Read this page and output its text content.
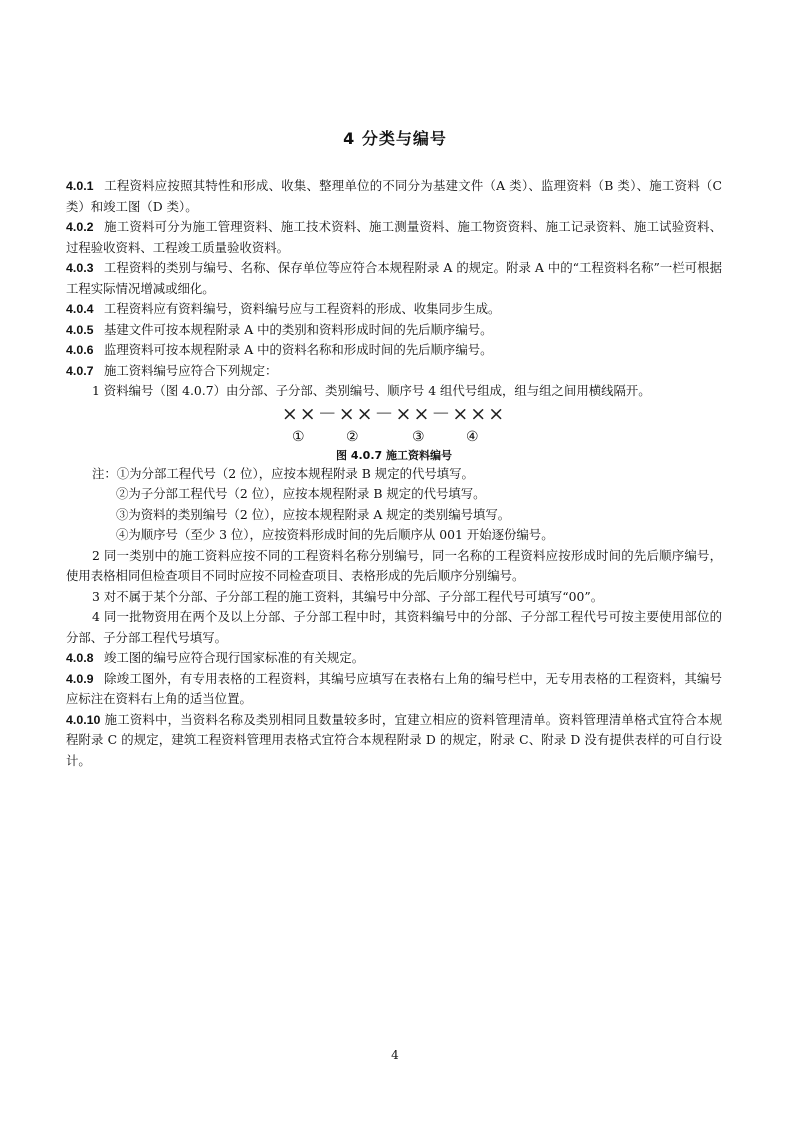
4 分类与编号

4.0.1 工程资料应按照其特性和形成、收集、整理单位的不同分为基建文件（A 类）、监理资料（B 类）、施工资料（C 类）和竣工图（D 类）。

4.0.2 施工资料可分为施工管理资料、施工技术资料、施工测量资料、施工物资资料、施工记录资料、施工试验资料、过程验收资料、工程竣工质量验收资料。

4.0.3 工程资料的类别与编号、名称、保存单位等应符合本规程附录 A 的规定。附录 A 中的“工程资料名称”一栏可根据工程实际情况增减或细化。

4.0.4 工程资料应有资料编号，资料编号应与工程资料的形成、收集同步生成。

4.0.5 基建文件可按本规程附录 A 中的类别和资料形成时间的先后顺序编号。

4.0.6 监理资料可按本规程附录 A 中的资料名称和形成时间的先后顺序编号。

4.0.7 施工资料编号应符合下列规定：

1 资料编号（图 4.0.7）由分部、子分部、类别编号、顺序号 4 组代号组成，组与组之间用横线隔开。

××－××－××－×××
①	②	③	④
图 4.0.7 施工资料编号
注：①为分部工程代号（2 位），应按本规程附录 B 规定的代号填写。
②为子分部工程代号（2 位），应按本规程附录 B 规定的代号填写。
③为资料的类别编号（2 位），应按本规程附录 A 规定的类别编号填写。
④为顺序号（至少 3 位），应按资料形成时间的先后顺序从 001 开始逐份编号。

2 同一类别中的施工资料应按不同的工程资料名称分别编号，同一名称的工程资料应按形成时间的先后顺序编号，使用表格相同但检查项目不同时应按不同检查项目、表格形成的先后顺序分别编号。

3 对不属于某个分部、子分部工程的施工资料，其编号中分部、子分部工程代号可填写“00”。

4 同一批物资用在两个及以上分部、子分部工程中时，其资料编号中的分部、子分部工程代号可按主要使用部位的分部、子分部工程代号填写。

4.0.8 竣工图的编号应符合现行国家标准的有关规定。

4.0.9 除竣工图外，有专用表格的工程资料，其编号应填写在表格右上角的编号栏中，无专用表格的工程资料，其编号应标注在资料右上角的适当位置。

4.0.10 施工资料中，当资料名称及类别相同且数量较多时，宜建立相应的资料管理清单。资料管理清单格式宜符合本规程附录 C 的规定，建筑工程资料管理用表格式宜符合本规程附录 D 的规定，附录 C、附录 D 没有提供表样的可自行设计。

4
